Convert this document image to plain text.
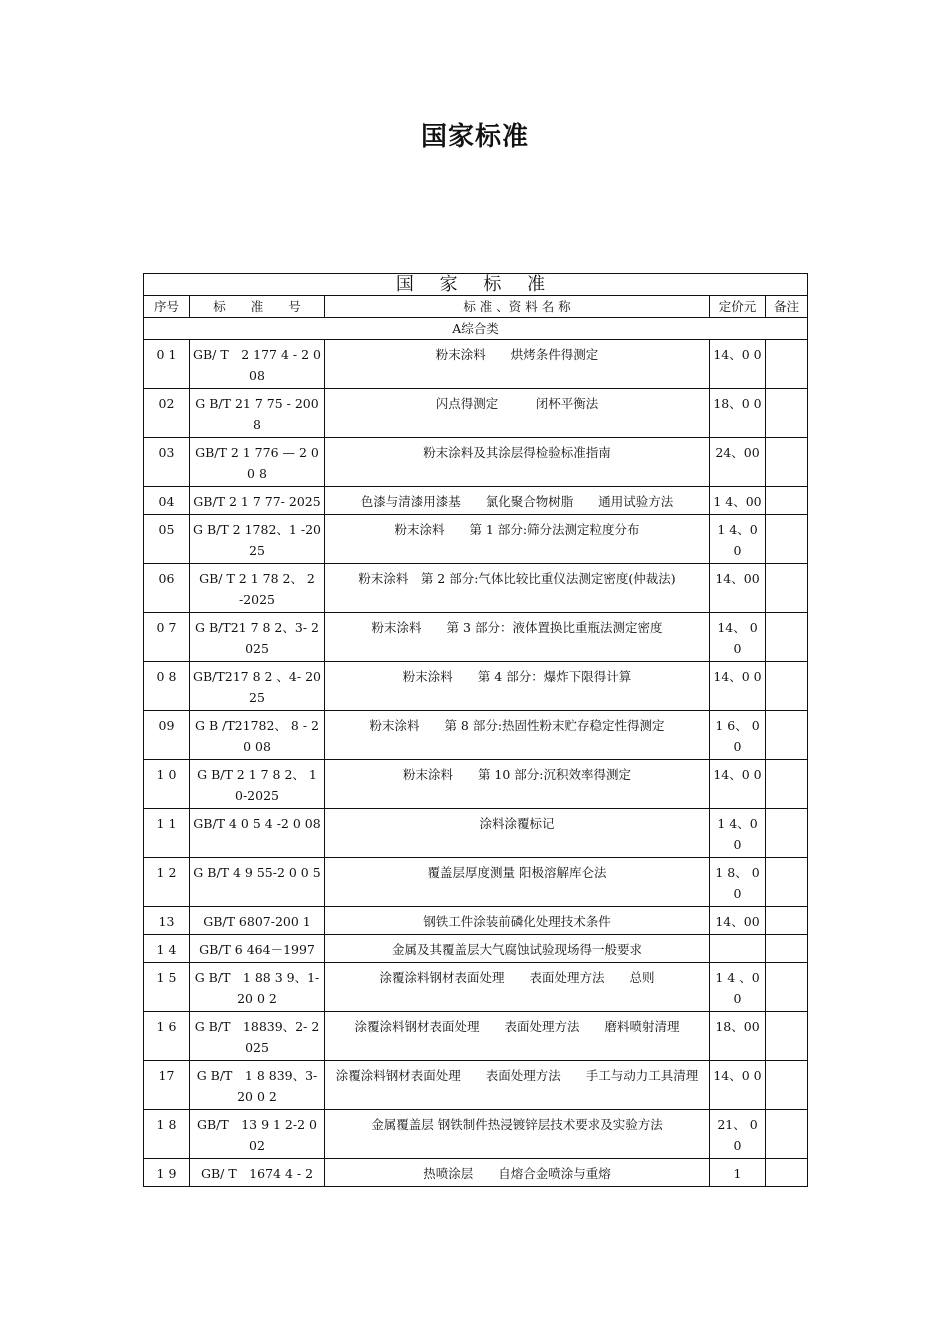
国家标准
国 家 标 准				
序号	标　　准　　号	标 准 、资 料 名 称	定价元	备注
A综合类				
0 1	GB/ T　2 177 4 - 2 008	粉末涂料　　烘烤条件得测定	14、0 0	
02	G B/T 21 7 75 - 200 8	闪点得测定　　　闭杯平衡法	18、0 0	
03	GB/T 2 1 776 — 2 0 0 8	粉末涂料及其涂层得检验标准指南	24、00	
04	GB/T 2 1 7 77- 2025	色漆与清漆用漆基　　氯化聚合物树脂　　通用试验方法	1 4、00	
05	G B/T 2 1782、1 -2025	粉末涂料　　第 1 部分:筛分法测定粒度分布	1 4、0 0	
06	GB/ T 2 1 78 2、 2　-2025	粉末涂料　第 2 部分:气体比较比重仪法测定密度(仲裁法)	14、00	
0 7	G B/T21 7 8 2、3- 2025	粉末涂料　　第 3 部分：液体置换比重瓶法测定密度	14、 0 0	
0 8	GB/T217 8 2 、4- 2025	粉末涂料　　第 4 部分：爆炸下限得计算	14、0 0	
09	G B /T21782、 8 - 2 0 08	粉末涂料　　第 8 部分:热固性粉末贮存稳定性得测定	1 6、 0 0	
1 0	G B/T 2 1 7 8 2、 1 0-2025	粉末涂料　　第 10 部分:沉积效率得测定	14、0 0	
1 1	GB/T 4 0 5 4 -2 0 08	涂料涂覆标记	1 4、0 0	
1 2	G B/T 4 9 55-2 0 0 5	覆盖层厚度测量 阳极溶解库仑法	1 8、 0 0	
13	GB/T 6807-200 1	钢铁工件涂装前磷化处理技术条件	14、00	
1 4	GB/T 6 464－1997	金属及其覆盖层大气腐蚀试验现场得一般要求		
1 5	G B/T　1 88 3 9、1-20 0 2	涂覆涂料钢材表面处理　　表面处理方法　　总则	1 4 、00	
1 6	G B/T　18839、2- 2025	涂覆涂料钢材表面处理　　表面处理方法　　磨料喷射清理	18、00	
17	G B/T　1 8 839、3- 20 0 2	涂覆涂料钢材表面处理　　表面处理方法　　手工与动力工具清理	14、0 0	
1 8	GB/T　13 9 1 2-2 0 02	金属覆盖层 钢铁制件热浸镀锌层技术要求及实验方法	21、 0 0	
1 9	GB/ T　1674 4 - 2	热喷涂层　　自熔合金喷涂与重熔	1	
